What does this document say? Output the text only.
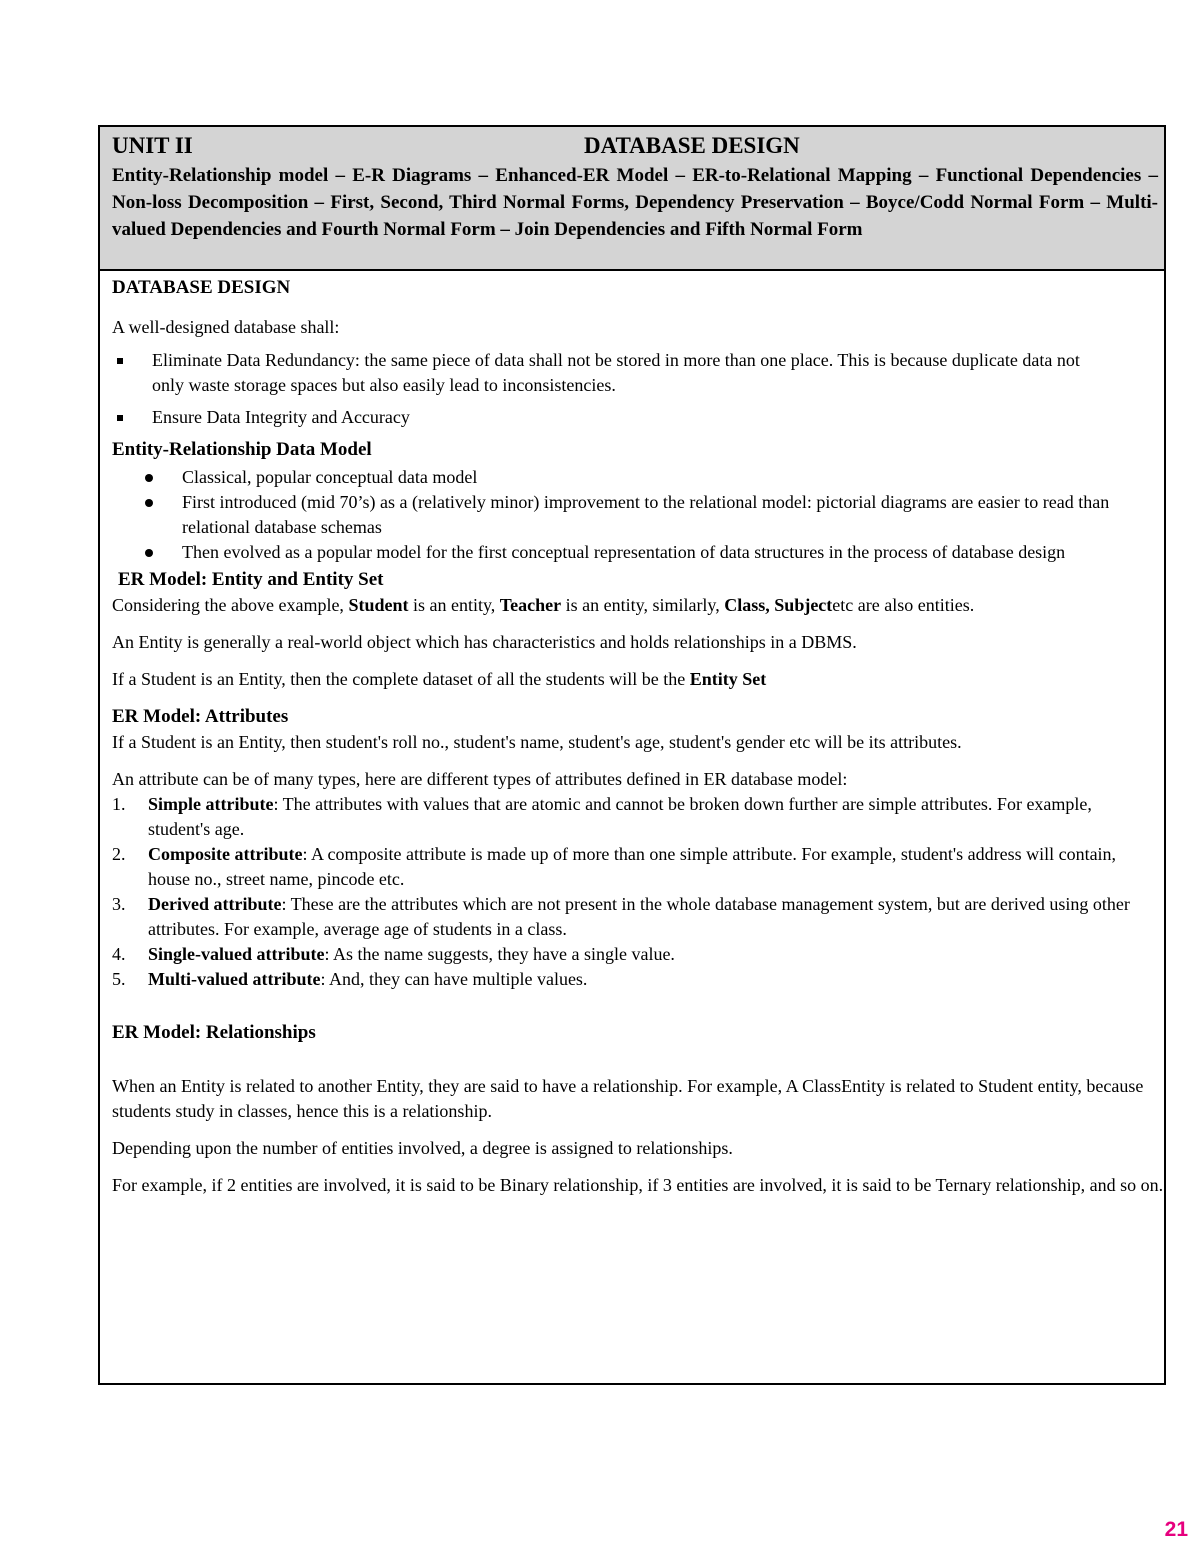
UNIT II	DATABASE DESIGN
Entity-Relationship model – E-R Diagrams – Enhanced-ER Model – ER-to-Relational Mapping – Functional Dependencies – Non-loss Decomposition – First, Second, Third Normal Forms, Dependency Preservation – Boyce/Codd Normal Form – Multi-valued Dependencies and Fourth Normal Form – Join Dependencies and Fifth Normal Form
DATABASE DESIGN

A well-designed database shall:

Eliminate Data Redundancy: the same piece of data shall not be stored in more than one place. This is because duplicate data not only waste storage spaces but also easily lead to inconsistencies.
Ensure Data Integrity and Accuracy
Entity-Relationship Data Model
Classical, popular conceptual data model
First introduced (mid 70’s) as a (relatively minor) improvement to the relational model: pictorial diagrams are easier to read than relational database schemas
Then evolved as a popular model for the first conceptual representation of data structures in the process of database design
ER Model: Entity and Entity Set

Considering the above example, Student is an entity, Teacher is an entity, similarly, Class, Subjectetc are also entities.

An Entity is generally a real-world object which has characteristics and holds relationships in a DBMS.

If a Student is an Entity, then the complete dataset of all the students will be the Entity Set

ER Model: Attributes

If a Student is an Entity, then student's roll no., student's name, student's age, student's gender etc will be its attributes.

An attribute can be of many types, here are different types of attributes defined in ER database model:

1. Simple attribute: The attributes with values that are atomic and cannot be broken down further are simple attributes. For example, student's age.
2. Composite attribute: A composite attribute is made up of more than one simple attribute. For example, student's address will contain, house no., street name, pincode etc.
3. Derived attribute: These are the attributes which are not present in the whole database management system, but are derived using other attributes. For example, average age of students in a class.
4. Single-valued attribute: As the name suggests, they have a single value.
5. Multi-valued attribute: And, they can have multiple values.
ER Model: Relationships

When an Entity is related to another Entity, they are said to have a relationship. For example, A ClassEntity is related to Student entity, because students study in classes, hence this is a relationship.

Depending upon the number of entities involved, a degree is assigned to relationships.

For example, if 2 entities are involved, it is said to be Binary relationship, if 3 entities are involved, it is said to be Ternary relationship, and so on.

21
